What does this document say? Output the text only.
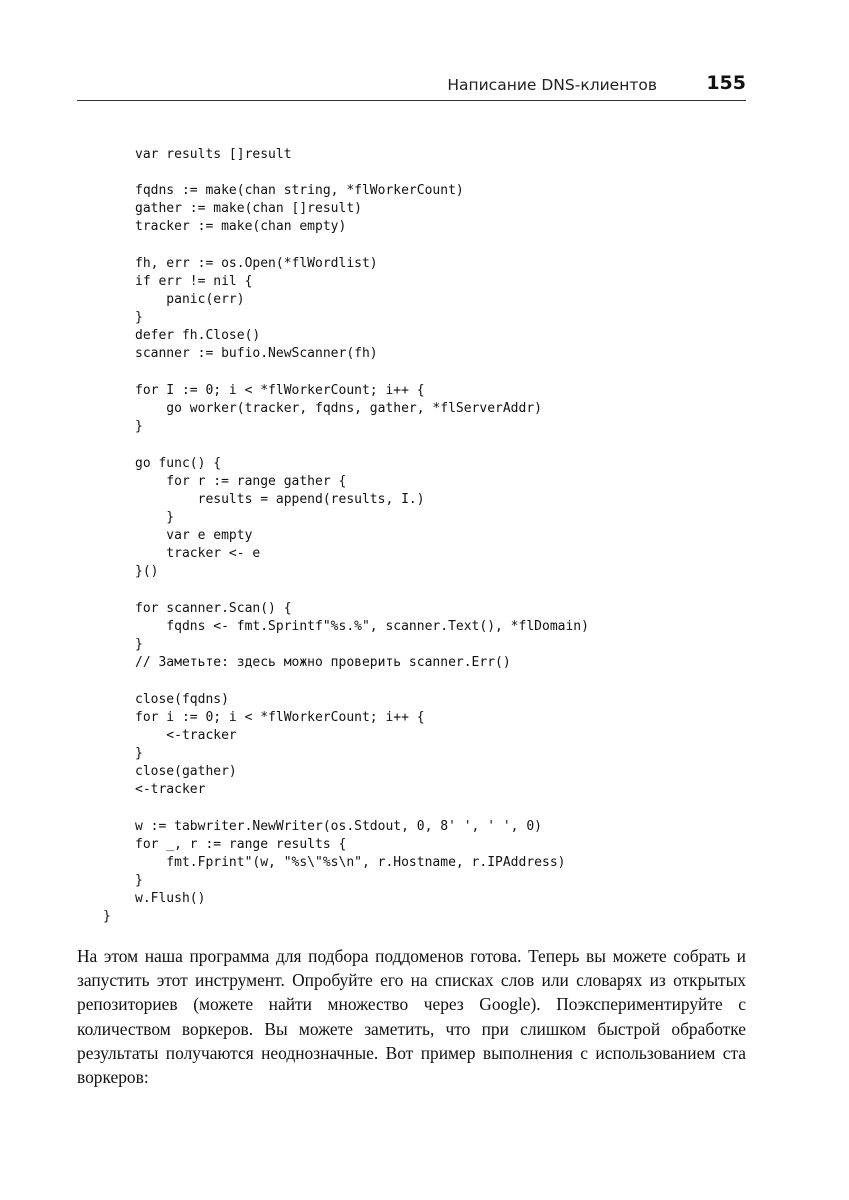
Написание DNS-клиентов	155
var results []result
fqdns := make(chan string, *flWorkerCount)
gather := make(chan []result)
tracker := make(chan empty)
fh, err := os.Open(*flWordlist)
if err != nil {
panic(err)
}
defer fh.Close()
scanner := bufio.NewScanner(fh)
for I := 0; i < *flWorkerCount; i++ {
go worker(tracker, fqdns, gather, *flServerAddr)
}
go func() {
for r := range gather {
results = append(results, I.)
}
var e empty
tracker <- e
}()
for scanner.Scan() {
fqdns <- fmt.Sprintf"%s.%", scanner.Text(), *flDomain)
}
// Заметьте: здесь можно проверить scanner.Err()
close(fqdns)
for i := 0; i < *flWorkerCount; i++ {
<-tracker
}
close(gather)
<-tracker
w := tabwriter.NewWriter(os.Stdout, 0, 8' ', ' ', 0)
for _, r := range results {
fmt.Fprint"(w, "%s\"%s\n", r.Hostname, r.IPAddress)
}
w.Flush()
}
На этом наша программа для подбора поддоменов готова. Теперь вы можете собрать и запустить этот инструмент. Опробуйте его на списках слов или словарях из открытых репозиториев (можете найти множество через Google). Поэкспериментируйте с количеством воркеров. Вы можете заметить, что при слишком быстрой обработке результаты получаются неоднозначные. Вот пример выполнения с использованием ста воркеров:
